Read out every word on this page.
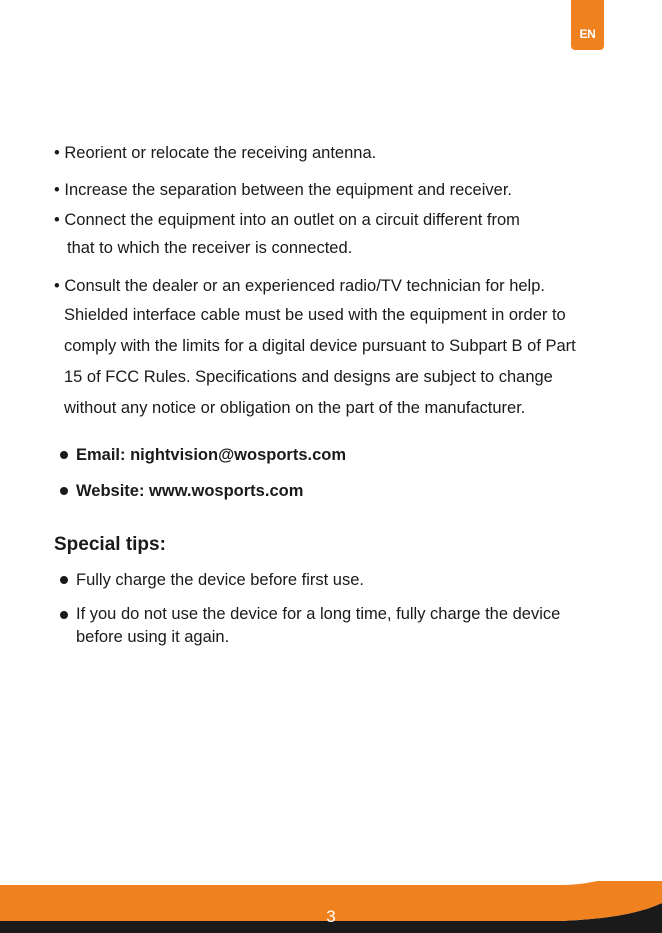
EN
• Reorient or relocate the receiving antenna.
• Increase the separation between the equipment and receiver.
• Connect the equipment into an outlet on a circuit different from
that to which the receiver is connected.
• Consult the dealer or an experienced radio/TV technician for help.
Shielded interface cable must be used with the equipment in order to
comply with the limits for a digital device pursuant to Subpart B of Part
15 of FCC Rules. Specifications and designs are subject to change
without any notice or obligation on the part of the manufacturer.
Email: nightvision@wosports.com
Website: www.wosports.com
Special tips:
Fully charge the device before first use.
If you do not use the device for a long time, fully charge the device
before using it again.
3
